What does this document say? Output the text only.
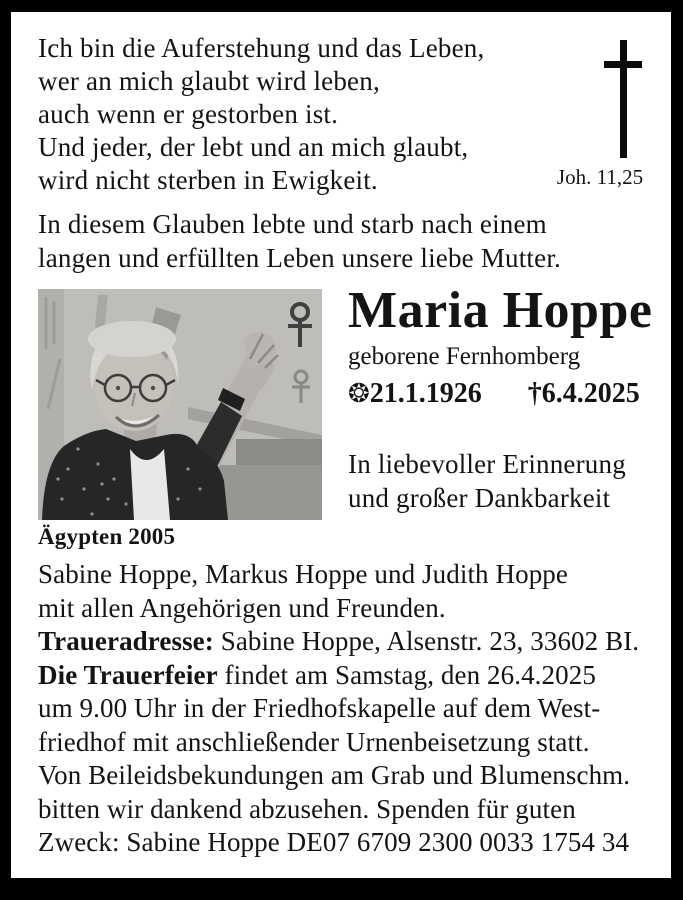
Ich bin die Auferstehung und das Leben,
wer an mich glaubt wird leben,
auch wenn er gestorben ist.
Und jeder, der lebt und an mich glaubt,
wird nicht sterben in Ewigkeit.	Joh. 11,25
In diesem Glauben lebte und starb nach einem
langen und erfüllten Leben unsere liebe Mutter.
Ägypten 2005
Maria Hoppe
geborene Fernhomberg
❂21.1.1926 †6.4.2025
In liebevoller Erinnerung
und großer Dankbarkeit
Sabine Hoppe, Markus Hoppe und Judith Hoppe
mit allen Angehörigen und Freunden.
Traueradresse: Sabine Hoppe, Alsenstr. 23, 33602 BI.
Die Trauerfeier findet am Samstag, den 26.4.2025
um 9.00 Uhr in der Friedhofskapelle auf dem West-
friedhof mit anschließender Urnenbeisetzung statt.
Von Beileidsbekundungen am Grab und Blumenschm.
bitten wir dankend abzusehen. Spenden für guten
Zweck: Sabine Hoppe DE07 6709 2300 0033 1754 34
